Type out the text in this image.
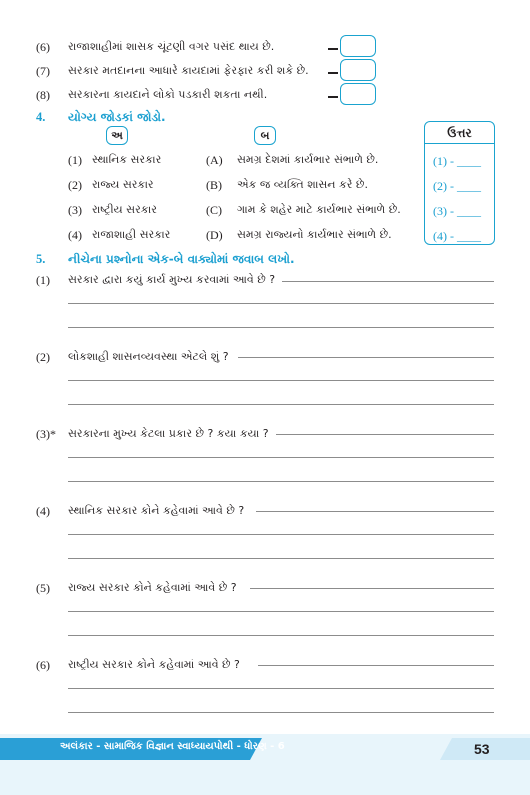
(6) રાજાશાહીમાં શાસક ચૂંટણી વગર પસંદ થાય છે.
(7) સરકાર મતદાનના આધારે કાયદામાં ફેરફાર કરી શકે છે.
(8) સરકારના કાયદાને લોકો પડકારી શકતા નથી.
4. યોગ્ય જોડકાં જોડો.
અ	બ	ઉત્તર
(1) - ____
(2) - ____
(3) - ____
(4) - ____
(1) સ્થાનિક સરકાર	(A) સમગ્ર દેશમાં કાર્યભાર સંભાળે છે.
(2) રાજ્ય સરકાર	(B) એક જ વ્યક્તિ શાસન કરે છે.
(3) રાષ્ટ્રીય સરકાર	(C) ગામ કે શહેર માટે કાર્યભાર સંભાળે છે.
(4) રાજાશાહી સરકાર	(D) સમગ્ર રાજ્યનો કાર્યભાર સંભાળે છે.
5. નીચેના પ્રશ્નોના એક-બે વાક્યોમાં જવાબ લખો.
(1) સરકાર દ્વારા કયું કાર્ય મુખ્ય કરવામાં આવે છે ?
(2) લોકશાહી શાસનવ્યવસ્થા એટલે શું ?
(3)* સરકારના મુખ્ય કેટલા પ્રકાર છે ? કયા કયા ?
(4) સ્થાનિક સરકાર કોને કહેવામાં આવે છે ?
(5) રાજ્ય સરકાર કોને કહેવામાં આવે છે ?
(6) રાષ્ટ્રીય સરકાર કોને કહેવામાં આવે છે ?
અલંકાર - સામાજિક વિજ્ઞાન સ્વાધ્યાયપોથી - ધોરણ - 6	53
